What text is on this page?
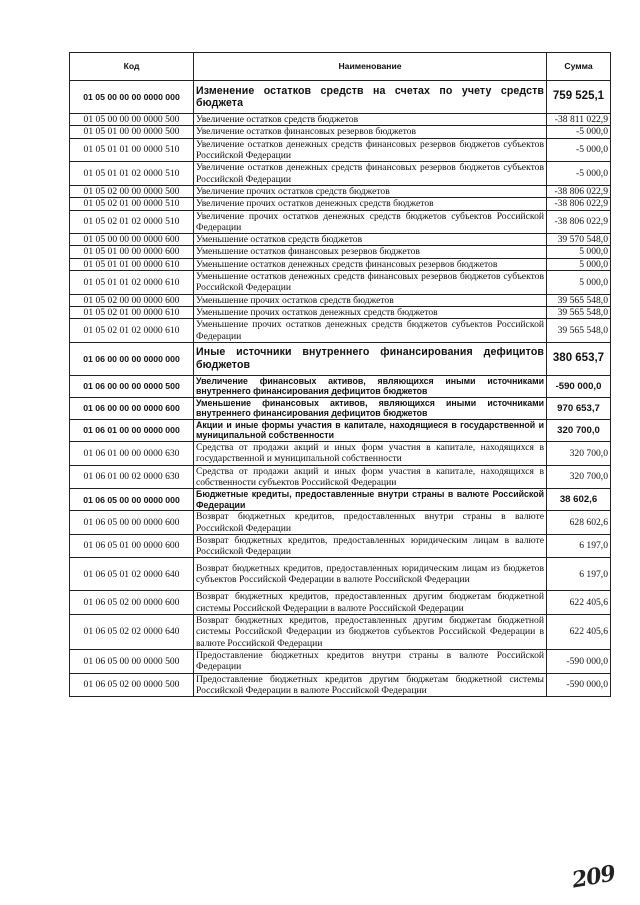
Код	Наименование	Сумма
01 05 00 00 00 0000 000	Изменение остатков средств на счетах по учету средств бюджета	759 525,1
01 05 00 00 00 0000 500	Увеличение остатков средств бюджетов	-38 811 022,9
01 05 01 00 00 0000 500	Увеличение остатков финансовых резервов бюджетов	-5 000,0
01 05 01 01 00 0000 510	Увеличение остатков денежных средств финансовых резервов бюджетов субъектов Российской Федерации	-5 000,0
01 05 01 01 02 0000 510	Увеличение остатков денежных средств финансовых резервов бюджетов субъектов Российской Федерации	-5 000,0
01 05 02 00 00 0000 500	Увеличение прочих остатков средств бюджетов	-38 806 022,9
01 05 02 01 00 0000 510	Увеличение прочих остатков денежных средств бюджетов	-38 806 022,9
01 05 02 01 02 0000 510	Увеличение прочих остатков денежных средств бюджетов субъектов Российской Федерации	-38 806 022,9
01 05 00 00 00 0000 600	Уменьшение остатков средств бюджетов	39 570 548,0
01 05 01 00 00 0000 600	Уменьшение остатков финансовых резервов бюджетов	5 000,0
01 05 01 01 00 0000 610	Уменьшение остатков денежных средств финансовых резервов бюджетов	5 000,0
01 05 01 01 02 0000 610	Уменьшение остатков денежных средств финансовых резервов бюджетов субъектов Российской Федерации	5 000,0
01 05 02 00 00 0000 600	Уменьшение прочих остатков средств бюджетов	39 565 548,0
01 05 02 01 00 0000 610	Уменьшение прочих остатков денежных средств бюджетов	39 565 548,0
01 05 02 01 02 0000 610	Уменьшение прочих остатков денежных средств бюджетов субъектов Российской Федерации	39 565 548,0
01 06 00 00 00 0000 000	Иные источники внутреннего финансирования дефицитов бюджетов	380 653,7
01 06 00 00 00 0000 500	Увеличение финансовых активов, являющихся иными источниками внутреннего финансирования дефицитов бюджетов	-590 000,0
01 06 00 00 00 0000 600	Уменьшение финансовых активов, являющихся иными источниками внутреннего финансирования дефицитов бюджетов	970 653,7
01 06 01 00 00 0000 000	Акции и иные формы участия в капитале, находящиеся в государственной и муниципальной собственности	320 700,0
01 06 01 00 00 0000 630	Средства от продажи акций и иных форм участия в капитале, находящихся в государственной и муниципальной собственности	320 700,0
01 06 01 00 02 0000 630	Средства от продажи акций и иных форм участия в капитале, находящихся в собственности субъектов Российской Федерации	320 700,0
01 06 05 00 00 0000 000	Бюджетные кредиты, предоставленные внутри страны в валюте Российской Федерации	38 602,6
01 06 05 00 00 0000 600	Возврат бюджетных кредитов, предоставленных внутри страны в валюте Российской Федерации	628 602,6
01 06 05 01 00 0000 600	Возврат бюджетных кредитов, предоставленных юридическим лицам в валюте Российской Федерации	6 197,0
01 06 05 01 02 0000 640	Возврат бюджетных кредитов, предоставленных юридическим лицам из бюджетов субъектов Российской Федерации в валюте Российской Федерации	6 197,0
01 06 05 02 00 0000 600	Возврат бюджетных кредитов, предоставленных другим бюджетам бюджетной системы Российской Федерации в валюте Российской Федерации	622 405,6
01 06 05 02 02 0000 640	Возврат бюджетных кредитов, предоставленных другим бюджетам бюджетной системы Российской Федерации из бюджетов субъектов Российской Федерации в валюте Российской Федерации	622 405,6
01 06 05 00 00 0000 500	Предоставление бюджетных кредитов внутри страны в валюте Российской Федерации	-590 000,0
01 06 05 02 00 0000 500	Предоставление бюджетных кредитов другим бюджетам бюджетной системы Российской Федерации в валюте Российской Федерации	-590 000,0
209
